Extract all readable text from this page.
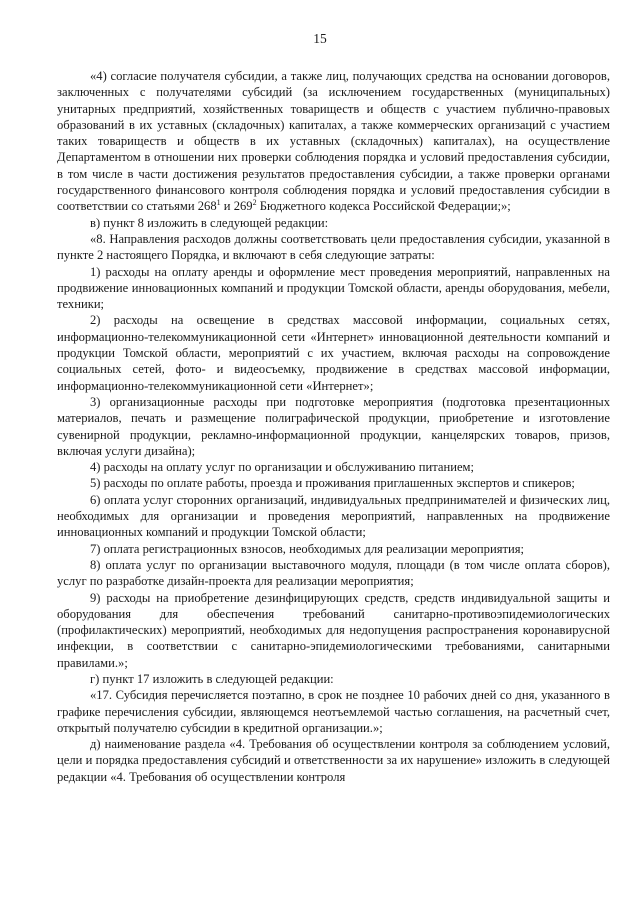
15

«4) согласие получателя субсидии, а также лиц, получающих средства на основании договоров, заключенных с получателями субсидий (за исключением государственных (муниципальных) унитарных предприятий, хозяйственных товариществ и обществ с участием публично-правовых образований в их уставных (складочных) капиталах, а также коммерческих организаций с участием таких товариществ и обществ в их уставных (складочных) капиталах), на осуществление Департаментом в отношении них проверки соблюдения порядка и условий предоставления субсидии, в том числе в части достижения результатов предоставления субсидии, а также проверки органами государственного финансового контроля соблюдения порядка и условий предоставления субсидии в соответствии со статьями $268^1$ и $269^2$ Бюджетного кодекса Российской Федерации;»;

в) пункт 8 изложить в следующей редакции:

«8. Направления расходов должны соответствовать цели предоставления субсидии, указанной в пункте 2 настоящего Порядка, и включают в себя следующие затраты:

1) расходы на оплату аренды и оформление мест проведения мероприятий, направленных на продвижение инновационных компаний и продукции Томской области, аренды оборудования, мебели, техники;

2) расходы на освещение в средствах массовой информации, социальных сетях, информационно-телекоммуникационной сети «Интернет» инновационной деятельности компаний и продукции Томской области, мероприятий с их участием, включая расходы на сопровождение социальных сетей, фото- и видеосъемку, продвижение в средствах массовой информации, информационно-телекоммуникационной сети «Интернет»;

3) организационные расходы при подготовке мероприятия (подготовка презентационных материалов, печать и размещение полиграфической продукции, приобретение и изготовление сувенирной продукции, рекламно-информационной продукции, канцелярских товаров, призов, включая услуги дизайна);

4) расходы на оплату услуг по организации и обслуживанию питанием;

5) расходы по оплате работы, проезда и проживания приглашенных экспертов и спикеров;

6) оплата услуг сторонних организаций, индивидуальных предпринимателей и физических лиц, необходимых для организации и проведения мероприятий, направленных на продвижение инновационных компаний и продукции Томской области;

7) оплата регистрационных взносов, необходимых для реализации мероприятия;

8) оплата услуг по организации выставочного модуля, площади (в том числе оплата сборов), услуг по разработке дизайн-проекта для реализации мероприятия;

9) расходы на приобретение дезинфицирующих средств, средств индивидуальной защиты и оборудования для обеспечения требований санитарно-противоэпидемиологических (профилактических) мероприятий, необходимых для недопущения распространения коронавирусной инфекции, в соответствии с санитарно-эпидемиологическими требованиями, санитарными правилами.»;

г) пункт 17 изложить в следующей редакции:

«17. Субсидия перечисляется поэтапно, в срок не позднее 10 рабочих дней со дня, указанного в графике перечисления субсидии, являющемся неотъемлемой частью соглашения, на расчетный счет, открытый получателю субсидии в кредитной организации.»;

д) наименование раздела «4. Требования об осуществлении контроля за соблюдением условий, цели и порядка предоставления субсидий и ответственности за их нарушение» изложить в следующей редакции «4. Требования об осуществлении контроля
